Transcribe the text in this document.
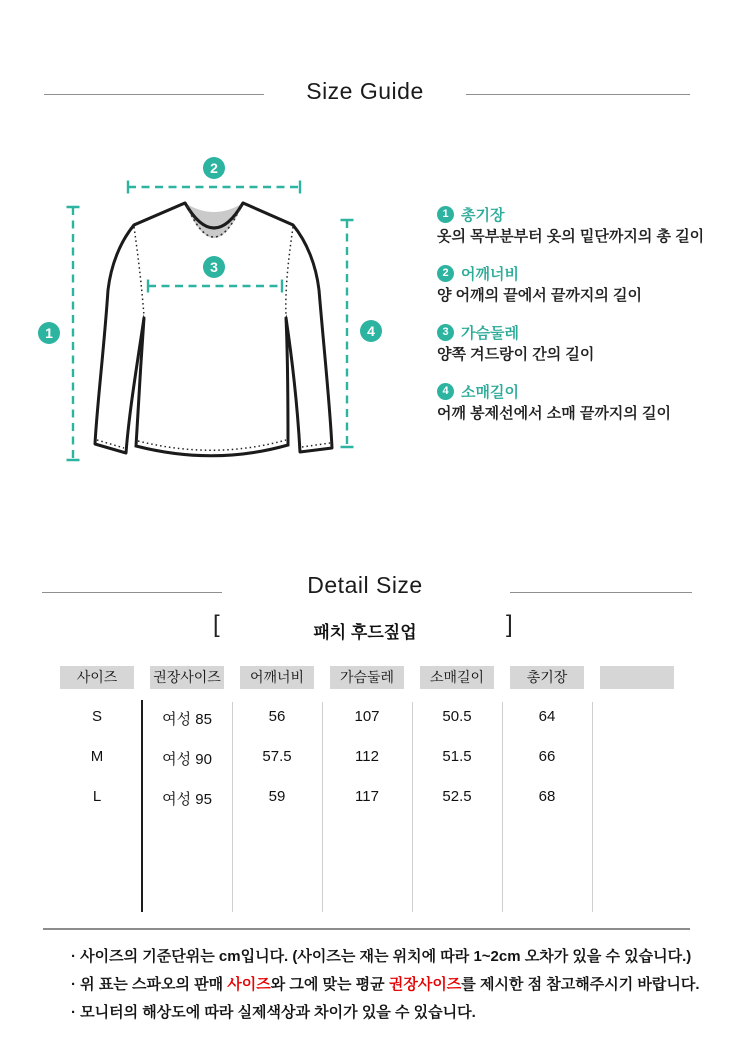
Size Guide
1
2
3
4
1 총기장
옷의 목부분부터 옷의 밑단까지의 총 길이
2 어깨너비
양 어깨의 끝에서 끝까지의 길이
3 가슴둘레
양쪽 겨드랑이 간의 길이
4 소매길이
어깨 봉제선에서 소매 끝까지의 길이
Detail Size
[	패치 후드짚업	]
사이즈	권장사이즈	어깨너비	가슴둘레	소매길이	총기장
S	여성 85	56	107	50.5	64
M	여성 90	57.5	112	51.5	66
L	여성 95	59	117	52.5	68
· 사이즈의 기준단위는 cm입니다. (사이즈는 재는 위치에 따라 1~2cm 오차가 있을 수 있습니다.)
· 위 표는 스파오의 판매 사이즈와 그에 맞는 평균 권장사이즈를 제시한 점 참고해주시기 바랍니다.
· 모니터의 해상도에 따라 실제색상과 차이가 있을 수 있습니다.
